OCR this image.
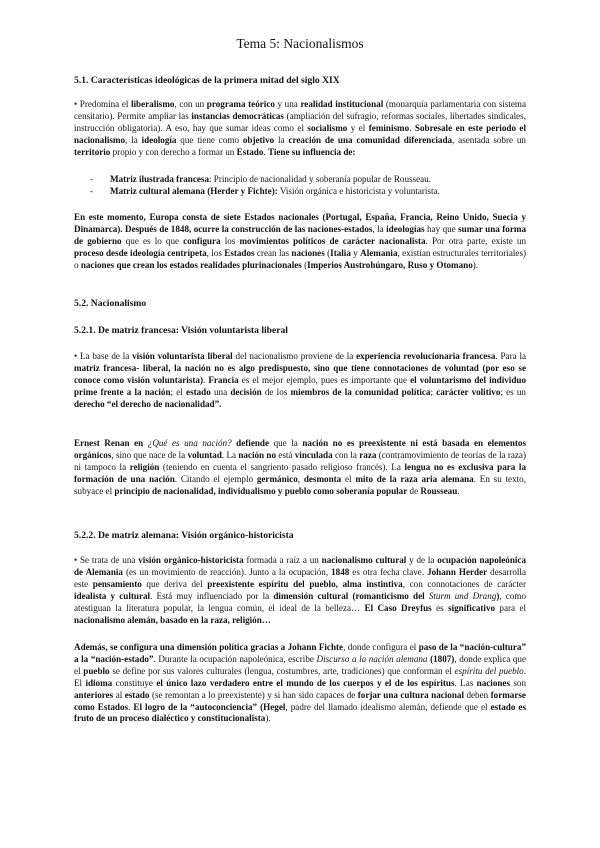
Tema 5: Nacionalismos
5.1. Características ideológicas de la primera mitad del siglo XIX
• Predomina el liberalismo, con un programa teórico y una realidad institucional (monarquía parlamentaria con sistema censitario). Permite ampliar las instancias democráticas (ampliación del sufragio, reformas sociales, libertades sindicales, instrucción obligatoria). A eso, hay que sumar ideas como el socialismo y el feminismo. Sobresale en este periodo el nacionalismo, la ideología que tiene como objetivo la creación de una comunidad diferenciada, asentada sobre un territorio propio y con derecho a formar un Estado. Tiene su influencia de:
- Matriz ilustrada francesa: Principio de nacionalidad y soberanía popular de Rousseau.
- Matriz cultural alemana (Herder y Fichte): Visión orgánica e historicista y voluntarista.
En este momento, Europa consta de siete Estados nacionales (Portugal, España, Francia, Reino Unido, Suecia y Dinamarca). Después de 1848, ocurre la construcción de las naciones-estados, la ideologías hay que sumar una forma de gobierno que es lo que configura los movimientos políticos de carácter nacionalista. Por otra parte, existe un proceso desde ideología centrípeta, los Estados crean las naciones (Italia y Alemania, existían estructurales territoriales) o naciones que crean los estados realidades plurinacionales (Imperios Austrohúngaro, Ruso y Otomano).
5.2. Nacionalismo
5.2.1. De matriz francesa: Visión voluntarista liberal
• La base de la visión voluntarista liberal del nacionalismo proviene de la experiencia revolucionaria francesa. Para la matriz francesa- liberal, la nación no es algo predispuesto, sino que tiene connotaciones de voluntad (por eso se conoce como visión voluntarista). Francia es el mejor ejemplo, pues es importante que el voluntarismo del individuo prime frente a la nación; el estado una decisión de los miembros de la comunidad política; carácter volitivo; es un derecho “el derecho de nacionalidad”.
Ernest Renan en ¿Qué es una nación? defiende que la nación no es preexistente ni está basada en elementos orgánicos, sino que nace de la voluntad. La nación no está vinculada con la raza (contramovimiento de teorías de la raza) ni tampoco la religión (teniendo en cuenta el sangriento pasado religioso francés). La lengua no es exclusiva para la formación de una nación. Citando el ejemplo germánico, desmonta el mito de la raza aria alemana. En su texto, subyace el principio de nacionalidad, individualismo y pueblo como soberanía popular de Rousseau.
5.2.2. De matriz alemana: Visión orgánico-historicista
• Se trata de una visión orgánico-historicista formada a raíz a un nacionalismo cultural y de la ocupación napoleónica de Alemania (es un movimiento de reacción). Junto a la ocupación, 1848 es otra fecha clave. Johann Herder desarrolla este pensamiento que deriva del preexistente espíritu del pueblo, alma instintiva, con connotaciones de carácter idealista y cultural. Está muy influenciado por la dimensión cultural (romanticismo del Sturm und Drang), como atestiguan la literatura popular, la lengua común, el ideal de la belleza… El Caso Dreyfus es significativo para el nacionalismo alemán, basado en la raza, religión…
Además, se configura una dimensión política gracias a Johann Fichte, donde configura el paso de la “nación-cultura” a la “nación-estado”. Durante la ocupación napoleónica, escribe Discurso a la nación alemana (1807), donde explica que el pueblo se define por sus valores culturales (lengua, costumbres, arte, tradiciones) que conforman el espíritu del pueblo. El idioma constituye el único lazo verdadero entre el mundo de los cuerpos y el de los espíritus. Las naciones son anteriores al estado (se remontan a lo preexistente) y si han sido capaces de forjar una cultura nacional deben formarse como Estados. El logro de la “autoconciencia” (Hegel, padre del llamado idealismo alemán, defiende que el estado es fruto de un proceso dialéctico y constitucionalista).
